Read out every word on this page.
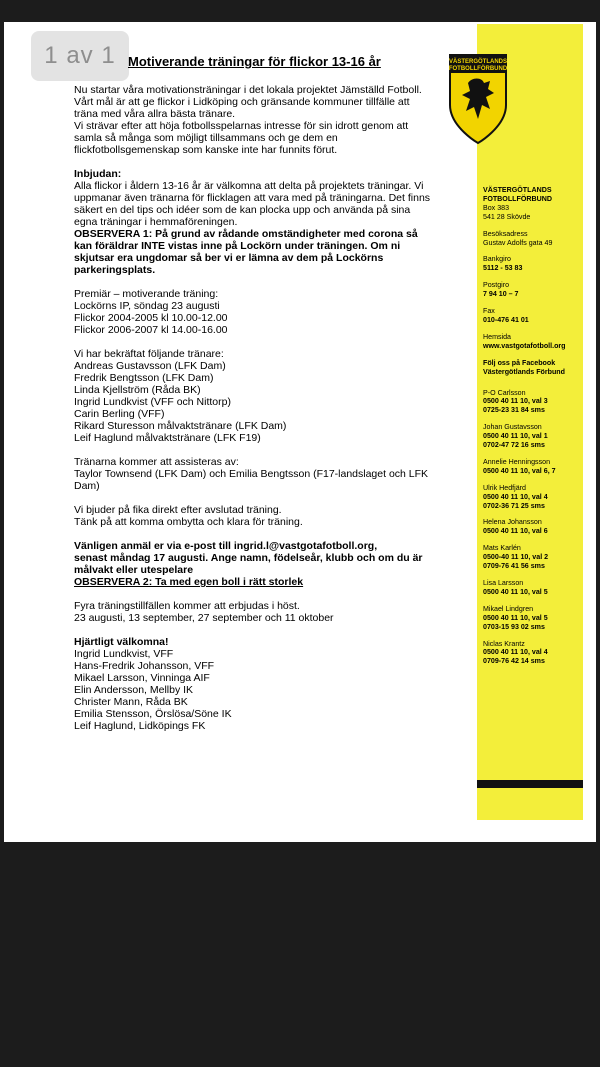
VÄSTERGÖTLANDS
FOTBOLLFÖRBUND
1 av 1 Motiverande träningar för flickor 13-16 år

Nu startar våra motivationsträningar i det lokala projektet Jämställd Fotboll.
Vårt mål är att ge flickor i Lidköping och gränsande kommuner tillfälle att
träna med våra allra bästa tränare.
Vi strävar efter att höja fotbollsspelarnas intresse för sin idrott genom att
samla så många som möjligt tillsammans och ge dem en
flickfotbollsgemenskap som kanske inte har funnits förut.

Inbjudan:

Alla flickor i åldern 13-16 år är välkomna att delta på projektets träningar. Vi
uppmanar även tränarna för flicklagen att vara med på träningarna. Det finns
säkert en del tips och idéer som de kan plocka upp och använda på sina
egna träningar i hemmaföreningen.

OBSERVERA 1: På grund av rådande omständigheter med corona så
kan föräldrar INTE vistas inne på Lockörn under träningen. Om ni
skjutsar era ungdomar så ber vi er lämna av dem på Lockörns
parkeringsplats.

Premiär – motiverande träning:
Lockörns IP, söndag 23 augusti
Flickor 2004-2005 kl 10.00-12.00
Flickor 2006-2007 kl 14.00-16.00

Vi har bekräftat följande tränare:

Andreas Gustavsson (LFK Dam)
Fredrik Bengtsson (LFK Dam)
Linda Kjellström (Råda BK)
Ingrid Lundkvist (VFF och Nittorp)
Carin Berling (VFF)
Rikard Sturesson målvaktstränare (LFK Dam)
Leif Haglund målvaktstränare (LFK F19)

Tränarna kommer att assisteras av:
Taylor Townsend (LFK Dam) och Emilia Bengtsson (F17-landslaget och LFK
Dam)

Vi bjuder på fika direkt efter avslutad träning.
Tänk på att komma ombytta och klara för träning.

Vänligen anmäl er via e-post till ingrid.l@vastgotafotboll.org,
senast måndag 17 augusti. Ange namn, födelseår, klubb och om du är
målvakt eller utespelare

OBSERVERA 2: Ta med egen boll i rätt storlek

Fyra träningstillfällen kommer att erbjudas i höst.
23 augusti, 13 september, 27 september och 11 oktober

Hjärtligt välkomna!

Ingrid Lundkvist, VFF
Hans-Fredrik Johansson, VFF
Mikael Larsson, Vinninga AIF
Elin Andersson, Mellby IK
Christer Mann, Råda BK
Emilia Stensson, Örslösa/Söne IK
Leif Haglund, Lidköpings FK

VÄSTERGÖTLANDS
FOTBOLLFÖRBUND

Box 383
541 28 Skövde

Besöksadress

Gustav Adolfs gata 49

Bankgiro

5112 - 53 83

Postgiro

7 94 10 – 7

Fax

010-476 41 01

Hemsida

www.vastgotafotboll.org

Följ oss på Facebook
Västergötlands Förbund

P-O Carlsson

0500 40 11 10, val 3
0725-23 31 84 sms

Johan Gustavsson

0500 40 11 10, val 1
0702-47 72 16 sms

Annelie Henningsson

0500 40 11 10, val 6, 7

Ulrik Hedfjärd

0500 40 11 10, val 4
0702-36 71 25 sms

Helena Johansson

0500 40 11 10, val 6

Mats Karlén

0500-40 11 10, val 2
0709-76 41 56 sms

Lisa Larsson

0500 40 11 10, val 5

Mikael Lindgren

0500 40 11 10, val 5
0703-15 93 02 sms

Niclas Krantz

0500 40 11 10, val 4
0709-76 42 14 sms
